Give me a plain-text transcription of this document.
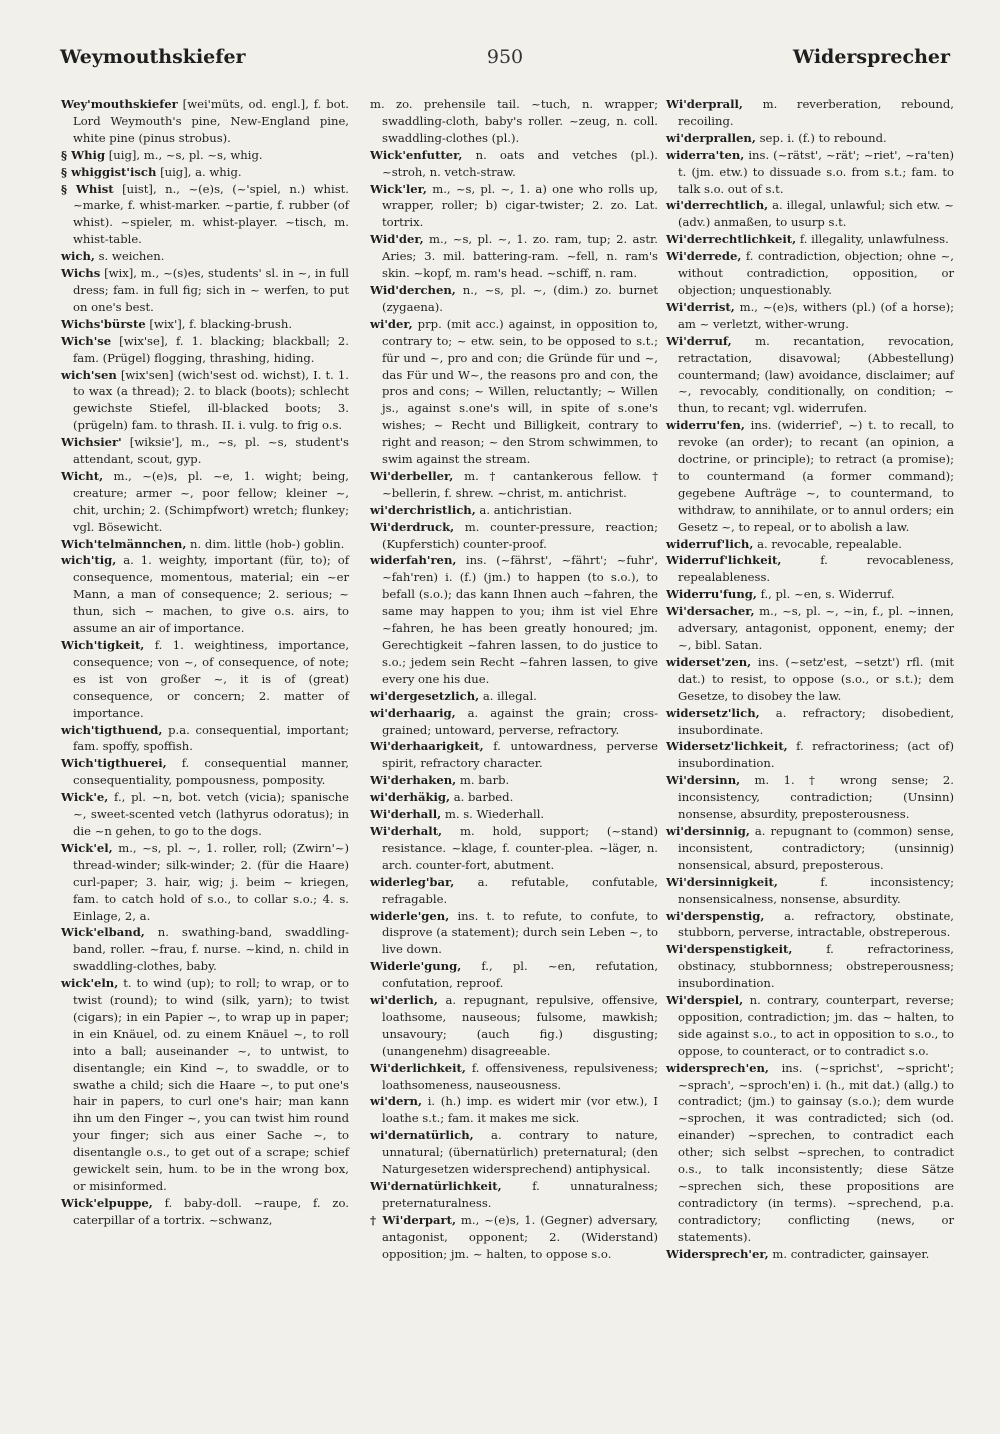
Weymouthskiefer	950	Widersprecher

Wey'mouthskiefer [wei'müts, od. engl.], f. bot. Lord Weymouth's pine, New-England pine, white pine (pinus strobus).

§ Whig [uig], m., ~s, pl. ~s, whig.

§ whiggist'isch [uig], a. whig.

§ Whist [uist], n., ~(e)s, (~'spiel, n.) whist. ~marke, f. whist-marker. ~partie, f. rubber (of whist). ~spieler, m. whist-player. ~tisch, m. whist-table.

wich, s. weichen.

Wichs [wix], m., ~(s)es, students' sl. in ~, in full dress; fam. in full fig; sich in ~ werfen, to put on one's best.

Wichs'bürste [wix'], f. blacking-brush.

Wich'se [wix'se], f. 1. blacking; blackball; 2. fam. (Prügel) flogging, thrashing, hiding.

wich'sen [wix'sen] (wich'sest od. wichst), I. t. 1. to wax (a thread); 2. to black (boots); schlecht gewichste Stiefel, ill-blacked boots; 3. (prügeln) fam. to thrash. II. i. vulg. to frig o.s.

Wichsier' [wiksie'], m., ~s, pl. ~s, student's attendant, scout, gyp.

Wicht, m., ~(e)s, pl. ~e, 1. wight; being, creature; armer ~, poor fellow; kleiner ~, chit, urchin; 2. (Schimpfwort) wretch; flunkey; vgl. Bösewicht.

Wich'telmännchen, n. dim. little (hob-) goblin.

wich'tig, a. 1. weighty, important (für, to); of consequence, momentous, material; ein ~er Mann, a man of consequence; 2. serious; ~ thun, sich ~ machen, to give o.s. airs, to assume an air of importance.

Wich'tigkeit, f. 1. weightiness, importance, consequence; von ~, of consequence, of note; es ist von großer ~, it is of (great) consequence, or concern; 2. matter of importance.

wich'tigthuend, p.a. consequential, important; fam. spoffy, spoffish.

Wich'tigthuerei, f. consequential manner, consequentiality, pompousness, pomposity.

Wick'e, f., pl. ~n, bot. vetch (vicia); spanische ~, sweet-scented vetch (lathyrus odoratus); in die ~n gehen, to go to the dogs.

Wick'el, m., ~s, pl. ~, 1. roller, roll; (Zwirn'~) thread-winder; silk-winder; 2. (für die Haare) curl-paper; 3. hair, wig; j. beim ~ kriegen, fam. to catch hold of s.o., to collar s.o.; 4. s. Einlage, 2, a.

Wick'elband, n. swathing-band, swaddling-band, roller. ~frau, f. nurse. ~kind, n. child in swaddling-clothes, baby.

wick'eln, t. to wind (up); to roll; to wrap, or to twist (round); to wind (silk, yarn); to twist (cigars); in ein Papier ~, to wrap up in paper; in ein Knäuel, od. zu einem Knäuel ~, to roll into a ball; auseinander ~, to untwist, to disentangle; ein Kind ~, to swaddle, or to swathe a child; sich die Haare ~, to put one's hair in papers, to curl one's hair; man kann ihn um den Finger ~, you can twist him round your finger; sich aus einer Sache ~, to disentangle o.s., to get out of a scrape; schief gewickelt sein, hum. to be in the wrong box, or misinformed.

Wick'elpuppe, f. baby-doll. ~raupe, f. zo. caterpillar of a tortrix. ~schwanz,

m. zo. prehensile tail. ~tuch, n. wrapper; swaddling-cloth, baby's roller. ~zeug, n. coll. swaddling-clothes (pl.).

Wick'enfutter, n. oats and vetches (pl.). ~stroh, n. vetch-straw.

Wick'ler, m., ~s, pl. ~, 1. a) one who rolls up, wrapper, roller; b) cigar-twister; 2. zo. Lat. tortrix.

Wid'der, m., ~s, pl. ~, 1. zo. ram, tup; 2. astr. Aries; 3. mil. battering-ram. ~fell, n. ram's skin. ~kopf, m. ram's head. ~schiff, n. ram.

Wid'derchen, n., ~s, pl. ~, (dim.) zo. burnet (zygaena).

wi'der, prp. (mit acc.) against, in opposition to, contrary to; ~ etw. sein, to be opposed to s.t.; für und ~, pro and con; die Gründe für und ~, das Für und W~, the reasons pro and con, the pros and cons; ~ Willen, reluctantly; ~ Willen js., against s.one's will, in spite of s.one's wishes; ~ Recht und Billigkeit, contrary to right and reason; ~ den Strom schwimmen, to swim against the stream.

Wi'derbeller, m. † cantankerous fellow. † ~bellerin, f. shrew. ~christ, m. antichrist.

wi'derchristlich, a. antichristian.

Wi'derdruck, m. counter-pressure, reaction; (Kupferstich) counter-proof.

widerfah'ren, ins. (~fährst', ~fährt'; ~fuhr', ~fah'ren) i. (f.) (jm.) to happen (to s.o.), to befall (s.o.); das kann Ihnen auch ~fahren, the same may happen to you; ihm ist viel Ehre ~fahren, he has been greatly honoured; jm. Gerechtigkeit ~fahren lassen, to do justice to s.o.; jedem sein Recht ~fahren lassen, to give every one his due.

wi'dergesetzlich, a. illegal.

wi'derhaarig, a. against the grain; cross-grained; untoward, perverse, refractory.

Wi'derhaarigkeit, f. untowardness, perverse spirit, refractory character.

Wi'derhaken, m. barb.

wi'derhäkig, a. barbed.

Wi'derhall, m. s. Wiederhall.

Wi'derhalt, m. hold, support; (~stand) resistance. ~klage, f. counter-plea. ~läger, n. arch. counter-fort, abutment.

widerleg'bar, a. refutable, confutable, refragable.

widerle'gen, ins. t. to refute, to confute, to disprove (a statement); durch sein Leben ~, to live down.

Widerle'gung, f., pl. ~en, refutation, confutation, reproof.

wi'derlich, a. repugnant, repulsive, offensive, loathsome, nauseous; fulsome, mawkish; unsavoury; (auch fig.) disgusting; (unangenehm) disagreeable.

Wi'derlichkeit, f. offensiveness, repulsiveness; loathsomeness, nauseousness.

wi'dern, i. (h.) imp. es widert mir (vor etw.), I loathe s.t.; fam. it makes me sick.

wi'dernatürlich, a. contrary to nature, unnatural; (übernatürlich) preternatural; (den Naturgesetzen widersprechend) antiphysical.

Wi'dernatürlichkeit, f. unnaturalness; preternaturalness.

† Wi'derpart, m., ~(e)s, 1. (Gegner) adversary, antagonist, opponent; 2. (Widerstand) opposition; jm. ~ halten, to oppose s.o.

Wi'derprall, m. reverberation, rebound, recoiling.

wi'derprallen, sep. i. (f.) to rebound.

widerra'ten, ins. (~rätst', ~rät'; ~riet', ~ra'ten) t. (jm. etw.) to dissuade s.o. from s.t.; fam. to talk s.o. out of s.t.

wi'derrechtlich, a. illegal, unlawful; sich etw. ~ (adv.) anmaßen, to usurp s.t.

Wi'derrechtlichkeit, f. illegality, unlawfulness.

Wi'derrede, f. contradiction, objection; ohne ~, without contradiction, opposition, or objection; unquestionably.

Wi'derrist, m., ~(e)s, withers (pl.) (of a horse); am ~ verletzt, wither-wrung.

Wi'derruf, m. recantation, revocation, retractation, disavowal; (Abbestellung) countermand; (law) avoidance, disclaimer; auf ~, revocably, conditionally, on condition; ~ thun, to recant; vgl. widerrufen.

widerru'fen, ins. (widerrief', ~) t. to recall, to revoke (an order); to recant (an opinion, a doctrine, or principle); to retract (a promise); to countermand (a former command); gegebene Aufträge ~, to countermand, to withdraw, to annihilate, or to annul orders; ein Gesetz ~, to repeal, or to abolish a law.

widerruf'lich, a. revocable, repealable.

Widerruf'lichkeit, f. revocableness, repealableness.

Widerru'fung, f., pl. ~en, s. Widerruf.

Wi'dersacher, m., ~s, pl. ~, ~in, f., pl. ~innen, adversary, antagonist, opponent, enemy; der ~, bibl. Satan.

widerset'zen, ins. (~setz'est, ~setzt') rfl. (mit dat.) to resist, to oppose (s.o., or s.t.); dem Gesetze, to disobey the law.

widersetz'lich, a. refractory; disobedient, insubordinate.

Widersetz'lichkeit, f. refractoriness; (act of) insubordination.

Wi'dersinn, m. 1. † wrong sense; 2. inconsistency, contradiction; (Unsinn) nonsense, absurdity, preposterousness.

wi'dersinnig, a. repugnant to (common) sense, inconsistent, contradictory; (unsinnig) nonsensical, absurd, preposterous.

Wi'dersinnigkeit, f. inconsistency; nonsensicalness, nonsense, absurdity.

wi'derspenstig, a. refractory, obstinate, stubborn, perverse, intractable, obstreperous.

Wi'derspenstigkeit, f. refractoriness, obstinacy, stubbornness; obstreperousness; insubordination.

Wi'derspiel, n. contrary, counterpart, reverse; opposition, contradiction; jm. das ~ halten, to side against s.o., to act in opposition to s.o., to oppose, to counteract, or to contradict s.o.

widersprech'en, ins. (~sprichst', ~spricht'; ~sprach', ~sproch'en) i. (h., mit dat.) (allg.) to contradict; (jm.) to gainsay (s.o.); dem wurde ~sprochen, it was contradicted; sich (od. einander) ~sprechen, to contradict each other; sich selbst ~sprechen, to contradict o.s., to talk inconsistently; diese Sätze ~sprechen sich, these propositions are contradictory (in terms). ~sprechend, p.a. contradictory; conflicting (news, or statements).

Widersprech'er, m. contradicter, gainsayer.
